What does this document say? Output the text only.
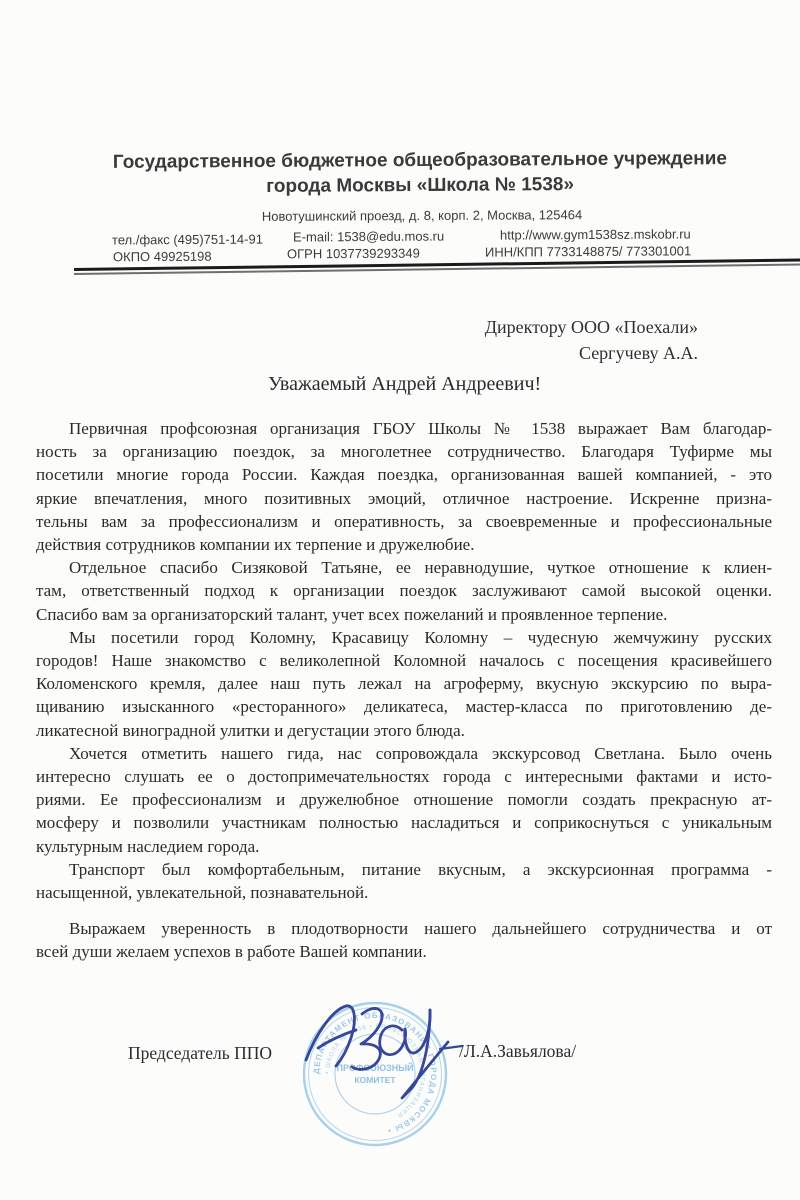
Государственное бюджетное общеобразовательное учреждение
города Москвы «Школа № 1538»
Новотушинский проезд, д. 8, корп. 2, Москва, 125464
тел./факс (495)751-14-91 E-mail: 1538@edu.mos.ru	http://www.gym1538sz.mskobr.ru
ОКПО 49925198	ОГРН 1037739293349	ИНН/КПП 7733148875/ 773301001
Директору ООО «Поехали»
Сергучеву А.А.
Уважаемый Андрей Андреевич!
Первичная профсоюзная организация ГБОУ Школы № 1538 выражает Вам благодар-
ность за организацию поездок, за многолетнее сотрудничество. Благодаря Туфирме мы
посетили многие города России. Каждая поездка, организованная вашей компанией, - это
яркие впечатления, много позитивных эмоций, отличное настроение. Искренне призна-
тельны вам за профессионализм и оперативность, за своевременные и профессиональные
действия сотрудников компании их терпение и дружелюбие.
Отдельное спасибо Сизяковой Татьяне, ее неравнодушие, чуткое отношение к клиен-
там, ответственный подход к организации поездок заслуживают самой высокой оценки.
Спасибо вам за организаторский талант, учет всех пожеланий и проявленное терпение.
Мы посетили город Коломну, Красавицу Коломну – чудесную жемчужину русских
городов! Наше знакомство с великолепной Коломной началось с посещения красивейшего
Коломенского кремля, далее наш путь лежал на агроферму, вкусную экскурсию по выра-
щиванию изысканного «ресторанного» деликатеса, мастер-класса по приготовлению де-
ликатесной виноградной улитки и дегустации этого блюда.
Хочется отметить нашего гида, нас сопровождала экскурсовод Светлана. Было очень
интересно слушать ее о достопримечательностях города с интересными фактами и исто-
риями. Ее профессионализм и дружелюбное отношение помогли создать прекрасную ат-
мосферу и позволили участникам полностью насладиться и соприкоснуться с уникальным
культурным наследием города.
Транспорт был комфортабельным, питание вкусным, а экскурсионная программа -
насыщенной, увлекательной, познавательной.
Выражаем уверенность в плодотворности нашего дальнейшего сотрудничества и от
всей души желаем успехов в работе Вашей компании.
Председатель ППО	/Л.А.Завьялова/
ДЕПАРТАМЕНТ ОБРАЗОВАНИЯ ГОРОДА МОСКВЫ •
• ШКОЛА № 1538 • ПРОФСОЮЗНАЯ ОРГАНИЗАЦИЯ
ПРОФСОЮЗНЫЙ
КОМИТЕТ
